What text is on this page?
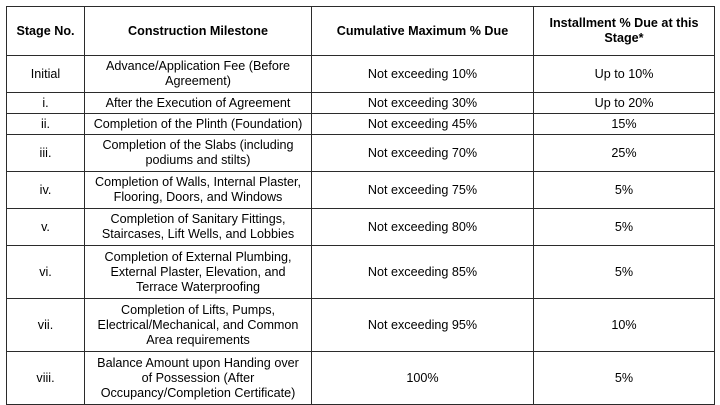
Stage No.	Construction Milestone	Cumulative Maximum % Due	Installment % Due at this Stage*
Initial	Advance/Application Fee (Before Agreement)	Not exceeding 10%	Up to 10%
i.	After the Execution of Agreement	Not exceeding 30%	Up to 20%
ii.	Completion of the Plinth (Foundation)	Not exceeding 45%	15%
iii.	Completion of the Slabs (including podiums and stilts)	Not exceeding 70%	25%
iv.	Completion of Walls, Internal Plaster, Flooring, Doors, and Windows	Not exceeding 75%	5%
v.	Completion of Sanitary Fittings, Staircases, Lift Wells, and Lobbies	Not exceeding 80%	5%
vi.	Completion of External Plumbing, External Plaster, Elevation, and Terrace Waterproofing	Not exceeding 85%	5%
vii.	Completion of Lifts, Pumps, Electrical/Mechanical, and Common Area requirements	Not exceeding 95%	10%
viii.	Balance Amount upon Handing over of Possession (After Occupancy/Completion Certificate)	100%	5%
